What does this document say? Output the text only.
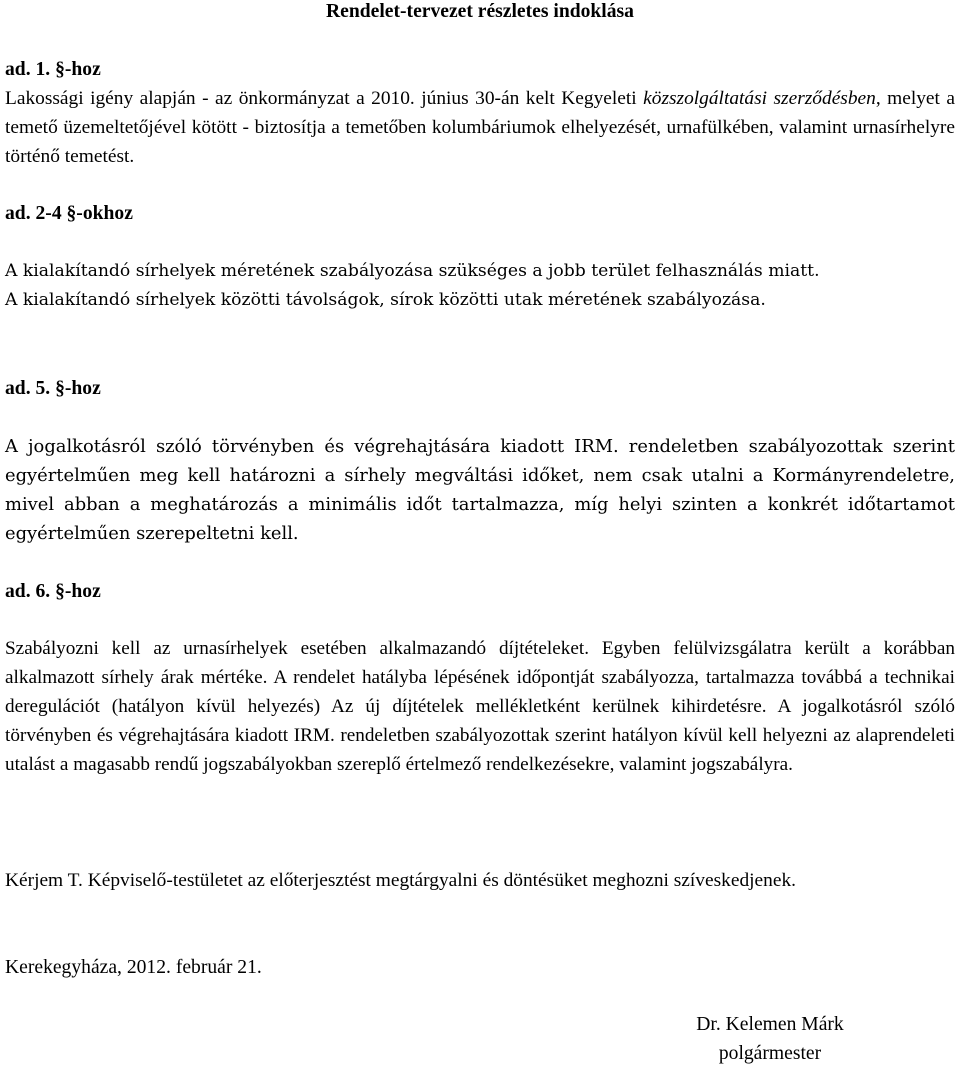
Rendelet-tervezet részletes indoklása
ad. 1. §-hoz
Lakossági igény alapján - az önkormányzat a 2010. június 30-án kelt Kegyeleti közszolgáltatási szerződésben, melyet a temető üzemeltetőjével kötött - biztosítja a temetőben kolumbáriumok elhelyezését, urnafülkében, valamint urnasírhelyre történő temetést.
ad. 2-4 §-okhoz
A kialakítandó sírhelyek méretének szabályozása szükséges a jobb terület felhasználás miatt.
A kialakítandó sírhelyek közötti távolságok, sírok közötti utak méretének szabályozása.
ad. 5. §-hoz
A jogalkotásról szóló törvényben és végrehajtására kiadott IRM. rendeletben szabályozottak szerint egyértelműen meg kell határozni a sírhely megváltási időket, nem csak utalni a Kormányrendeletre, mivel abban a meghatározás a minimális időt tartalmazza, míg helyi szinten a konkrét időtartamot egyértelműen szerepeltetni kell.
ad. 6. §-hoz
Szabályozni kell az urnasírhelyek esetében alkalmazandó díjtételeket. Egyben felülvizsgálatra került a korábban alkalmazott sírhely árak mértéke. A rendelet hatályba lépésének időpontját szabályozza, tartalmazza továbbá a technikai deregulációt (hatályon kívül helyezés) Az új díjtételek mellékletként kerülnek kihirdetésre. A jogalkotásról szóló törvényben és végrehajtására kiadott IRM. rendeletben szabályozottak szerint hatályon kívül kell helyezni az alaprendeleti utalást a magasabb rendű jogszabályokban szereplő értelmező rendelkezésekre, valamint jogszabályra.
Kérjem T. Képviselő-testületet az előterjesztést megtárgyalni és döntésüket meghozni szíveskedjenek.
Kerekegyháza, 2012. február 21.
Dr. Kelemen Márk
polgármester
